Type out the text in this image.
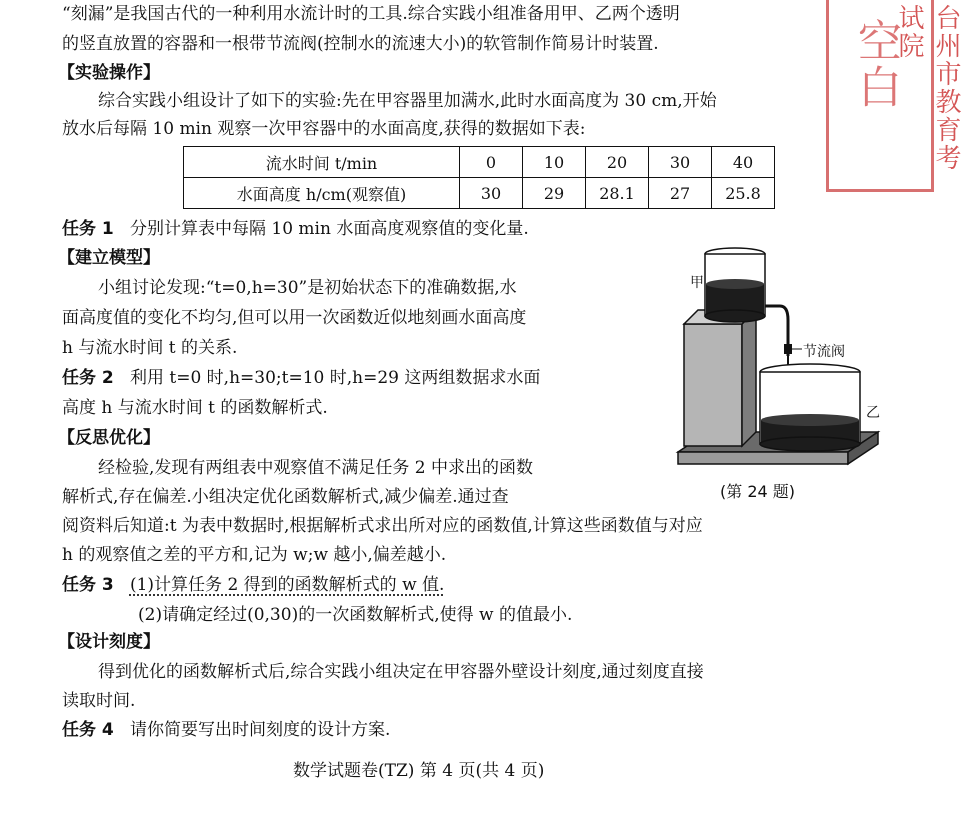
台州市教育考试院
空白
“刻漏”是我国古代的一种利用水流计时的工具.综合实践小组准备用甲、乙两个透明
的竖直放置的容器和一根带节流阀(控制水的流速大小)的软管制作简易计时装置.
【实验操作】
综合实践小组设计了如下的实验:先在甲容器里加满水,此时水面高度为 30 cm,开始
放水后每隔 10 min 观察一次甲容器中的水面高度,获得的数据如下表:
流水时间 t/min	0	10	20	30	40
水面高度 h/cm(观察值)	30	29	28.1	27	25.8
任务 1 分别计算表中每隔 10 min 水面高度观察值的变化量.
【建立模型】
小组讨论发现:“t=0,h=30”是初始状态下的准确数据,水
面高度值的变化不均匀,但可以用一次函数近似地刻画水面高度
h 与流水时间 t 的关系.
任务 2 利用 t=0 时,h=30;t=10 时,h=29 这两组数据求水面
高度 h 与流水时间 t 的函数解析式.
【反思优化】
经检验,发现有两组表中观察值不满足任务 2 中求出的函数
解析式,存在偏差.小组决定优化函数解析式,减少偏差.通过查
阅资料后知道:t 为表中数据时,根据解析式求出所对应的函数值,计算这些函数值与对应
h 的观察值之差的平方和,记为 w;w 越小,偏差越小.
任务 3 (1)计算任务 2 得到的函数解析式的 w 值.
(2)请确定经过(0,30)的一次函数解析式,使得 w 的值最小.
【设计刻度】
得到优化的函数解析式后,综合实践小组决定在甲容器外壁设计刻度,通过刻度直接
读取时间.
任务 4 请你简要写出时间刻度的设计方案.
数学试题卷(TZ) 第 4 页(共 4 页)
甲
节流阀
乙
(第 24 题)
